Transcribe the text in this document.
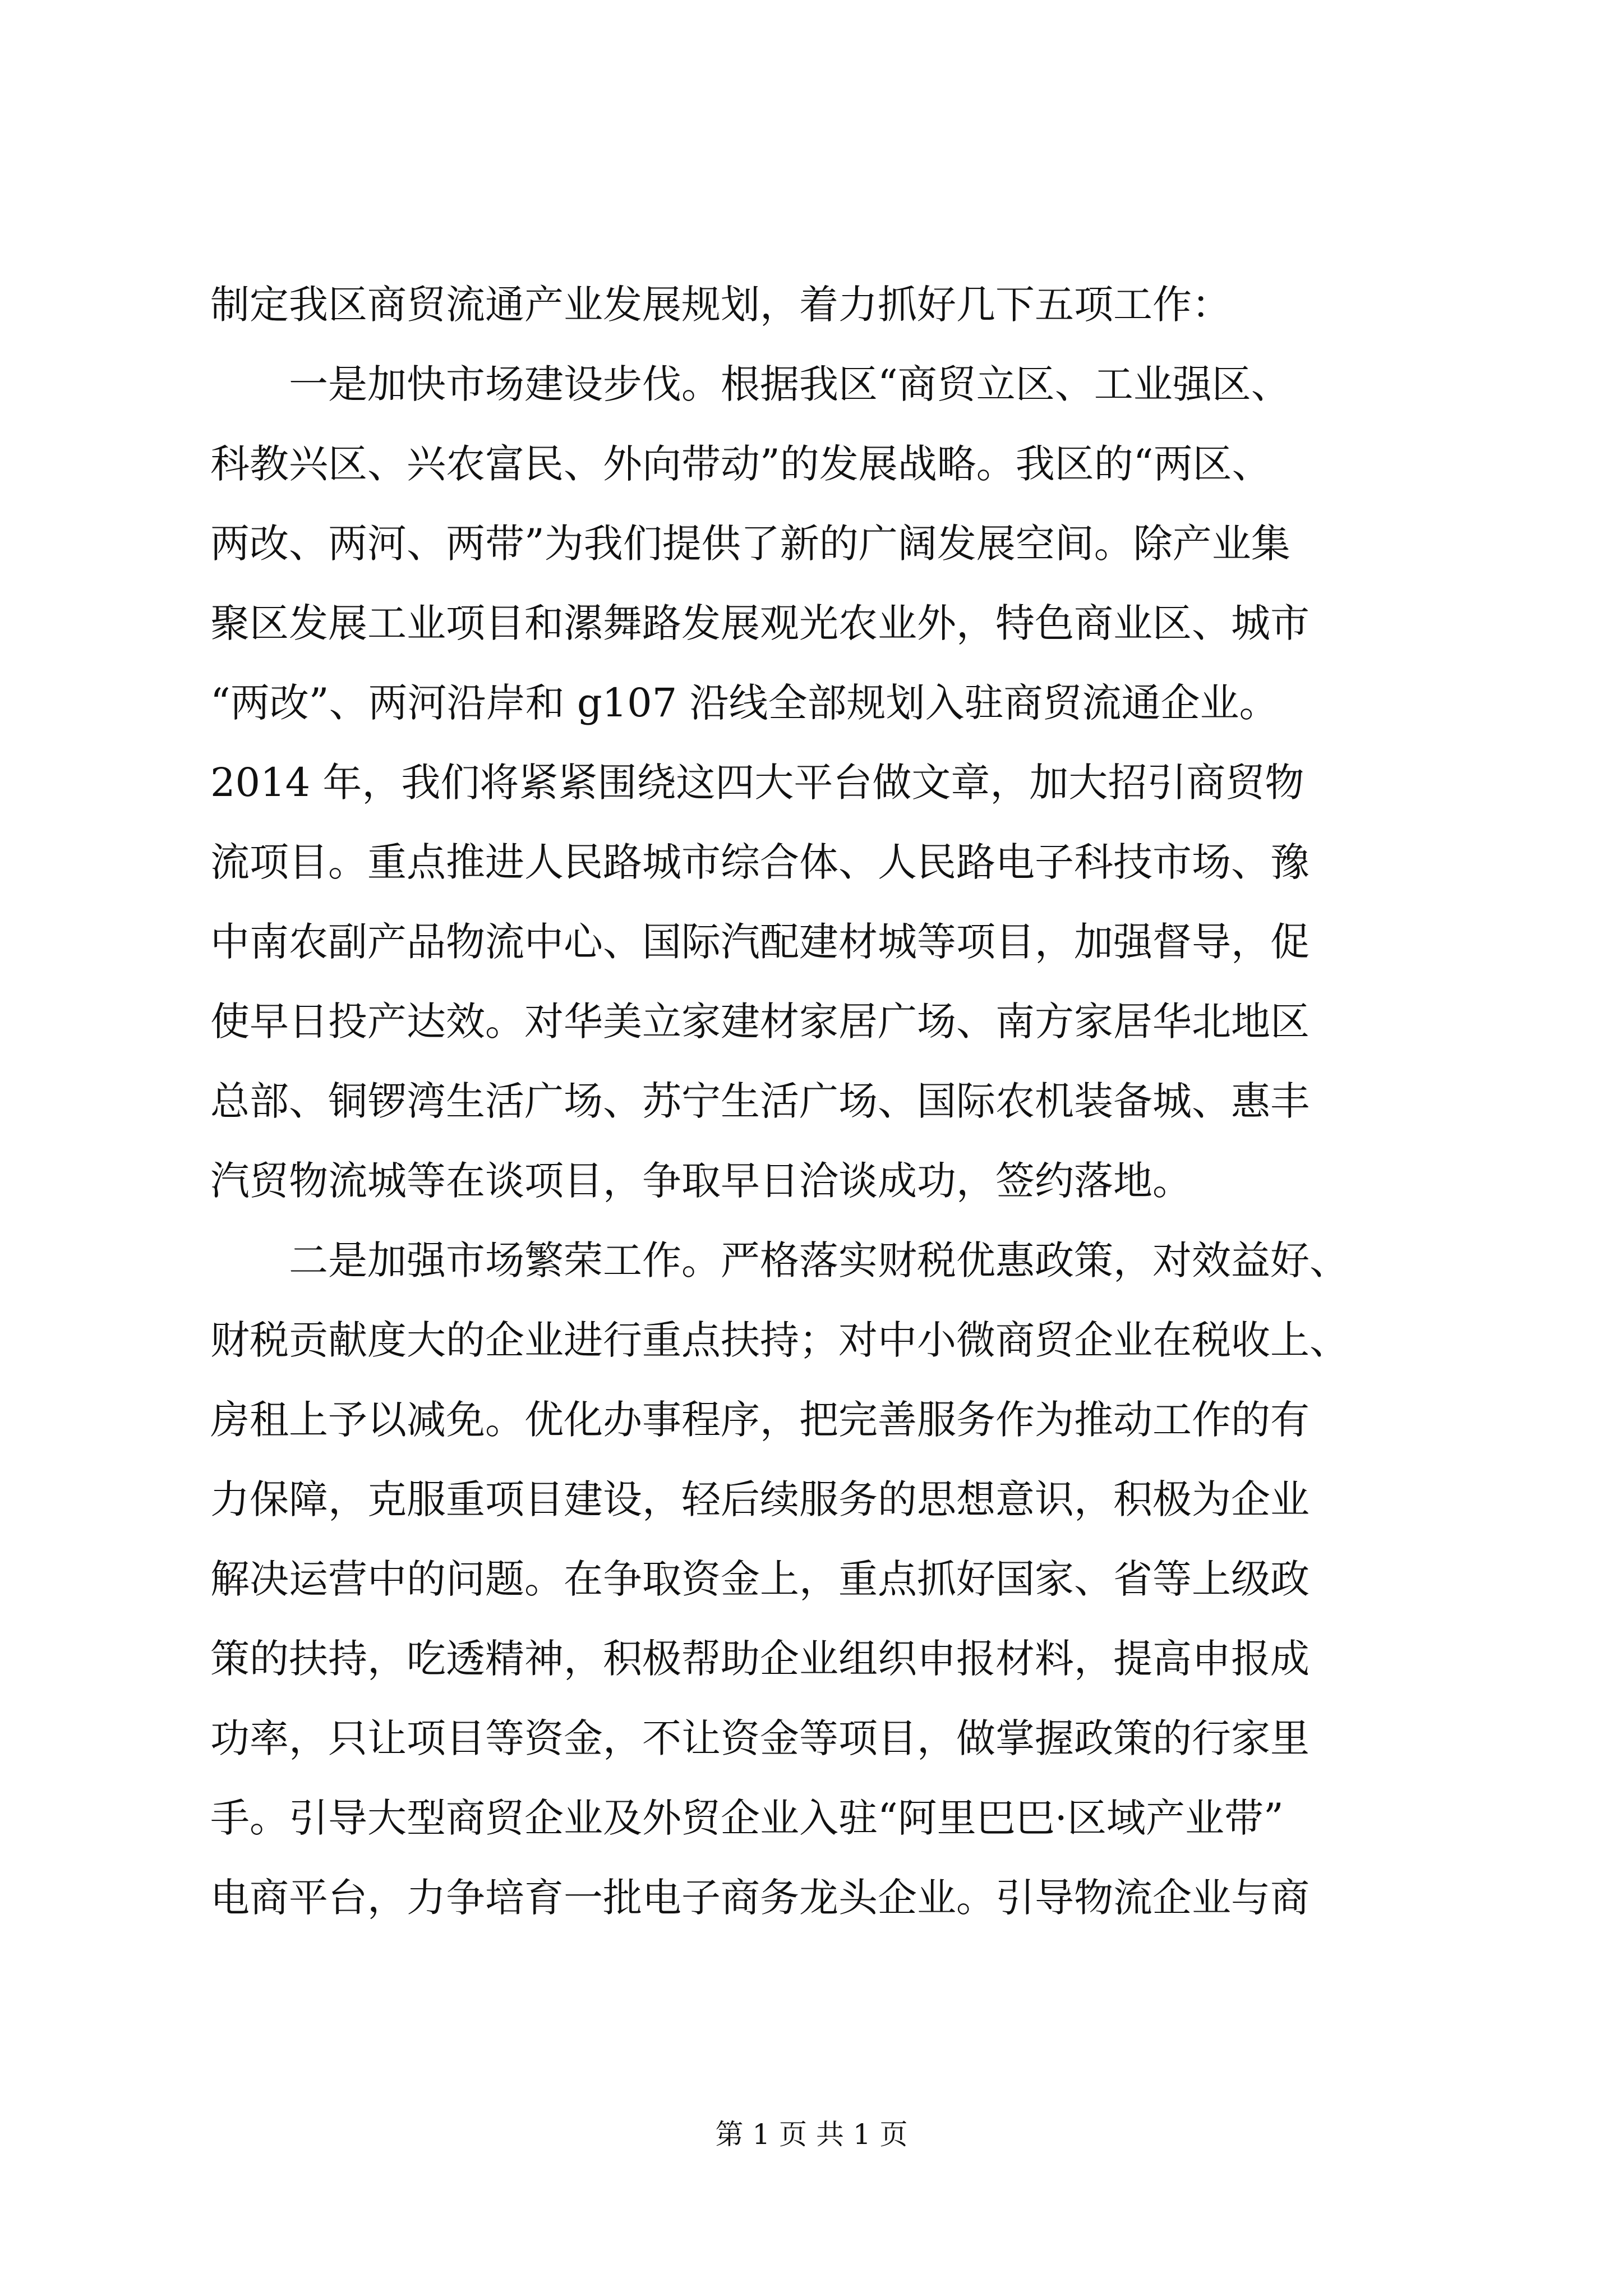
制定我区商贸流通产业发展规划，着力抓好几下五项工作：
　　一是加快市场建设步伐。根据我区“商贸立区、工业强区、
科教兴区、兴农富民、外向带动”的发展战略。我区的“两区、
两改、两河、两带”为我们提供了新的广阔发展空间。除产业集
聚区发展工业项目和漯舞路发展观光农业外，特色商业区、城市
“两改”、两河沿岸和 g107 沿线全部规划入驻商贸流通企业。
2014 年，我们将紧紧围绕这四大平台做文章，加大招引商贸物
流项目。重点推进人民路城市综合体、人民路电子科技市场、豫
中南农副产品物流中心、国际汽配建材城等项目，加强督导，促
使早日投产达效。对华美立家建材家居广场、南方家居华北地区
总部、铜锣湾生活广场、苏宁生活广场、国际农机装备城、惠丰
汽贸物流城等在谈项目，争取早日洽谈成功，签约落地。
　　二是加强市场繁荣工作。严格落实财税优惠政策，对效益好、
财税贡献度大的企业进行重点扶持；对中小微商贸企业在税收上、
房租上予以减免。优化办事程序，把完善服务作为推动工作的有
力保障，克服重项目建设，轻后续服务的思想意识，积极为企业
解决运营中的问题。在争取资金上，重点抓好国家、省等上级政
策的扶持，吃透精神，积极帮助企业组织申报材料，提高申报成
功率，只让项目等资金，不让资金等项目，做掌握政策的行家里
手。引导大型商贸企业及外贸企业入驻“阿里巴巴·区域产业带”
电商平台，力争培育一批电子商务龙头企业。引导物流企业与商
第 1 页 共 1 页
